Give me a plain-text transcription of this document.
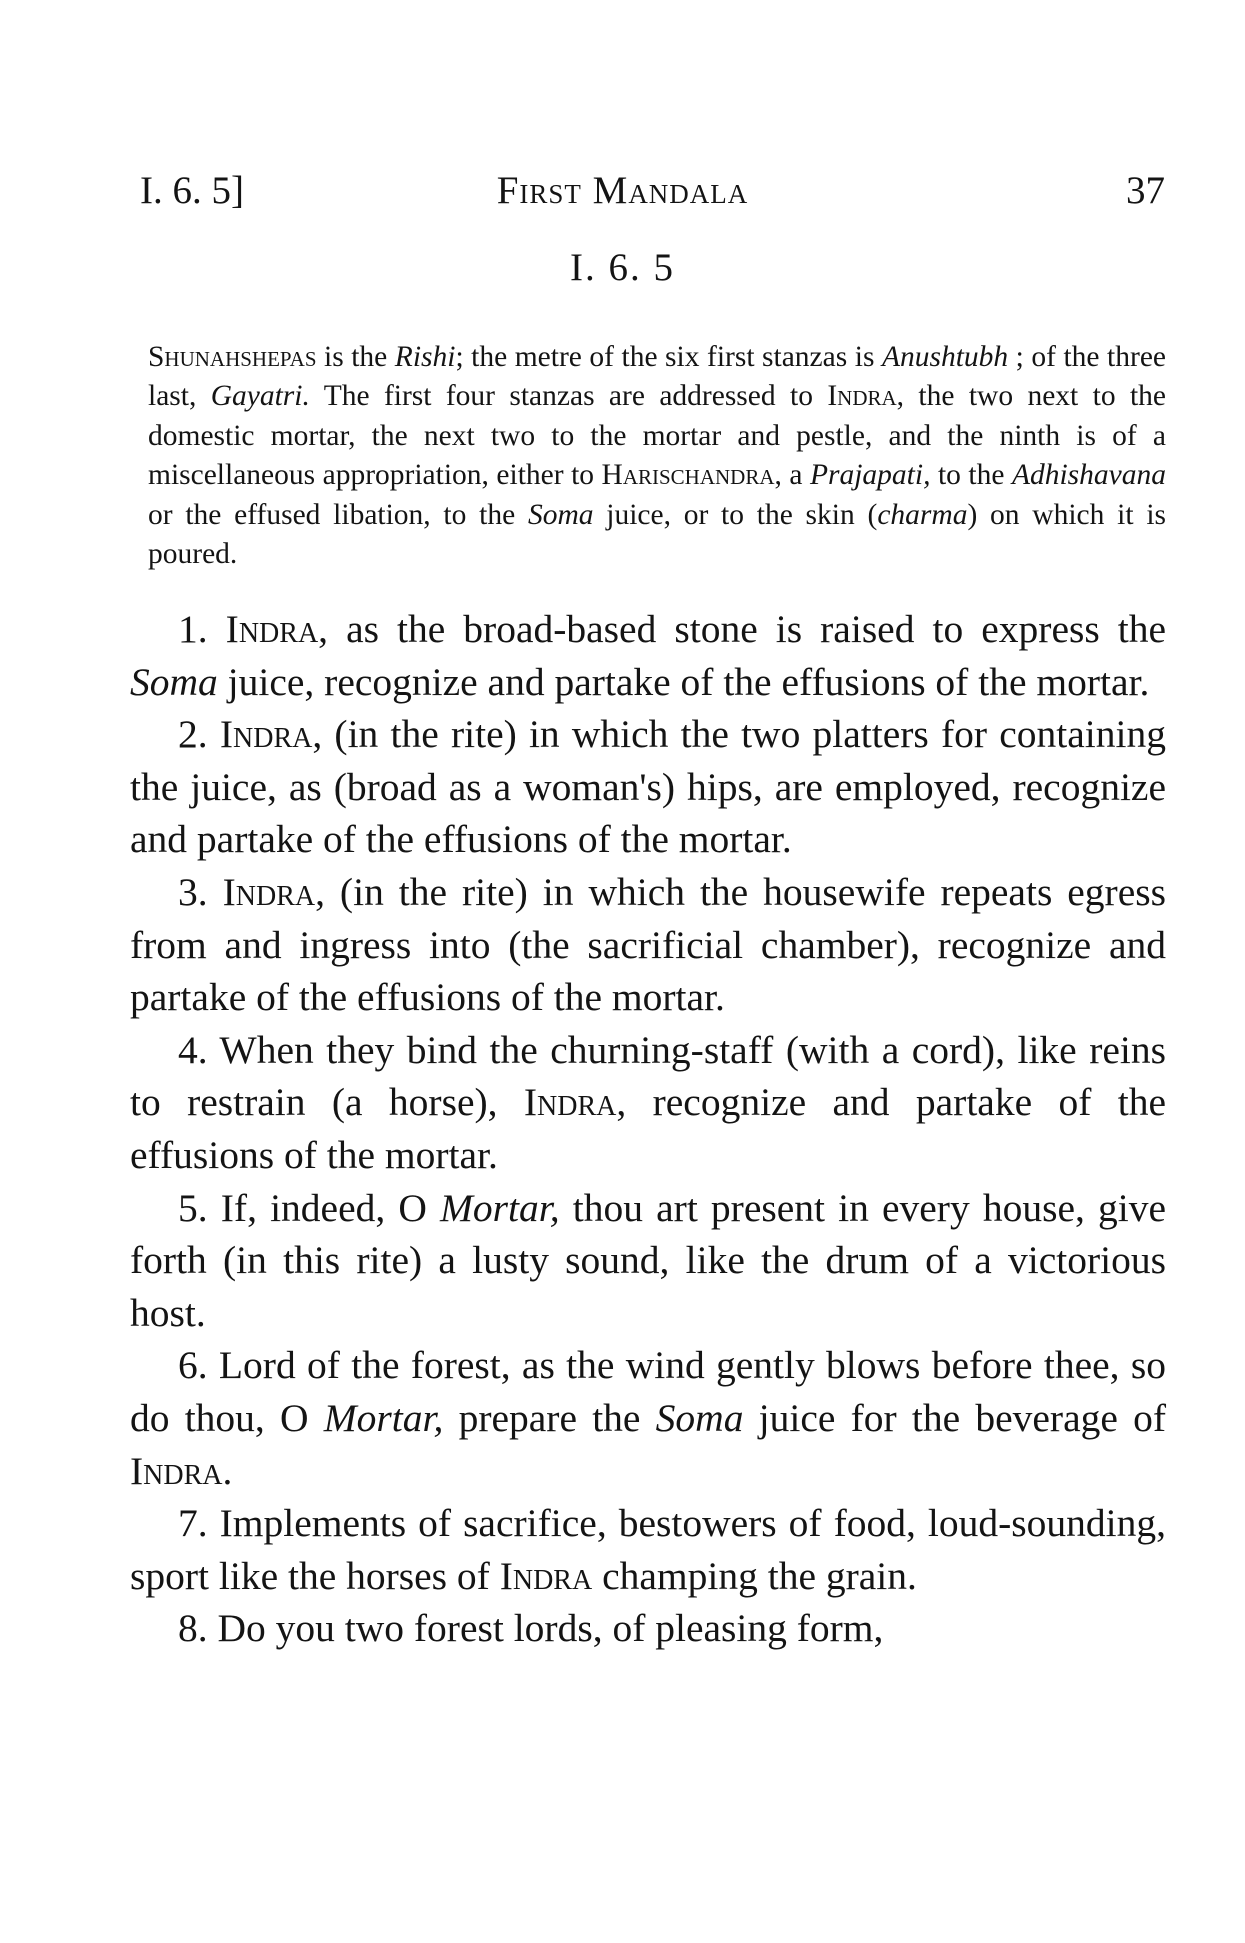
I. 6. 5]	First Mandala	37
I. 6. 5

Shunahshepas is the Rishi; the metre of the six first stanzas is Anushtubh ; of the three last, Gayatri. The first four stanzas are addressed to Indra, the two next to the domestic mortar, the next two to the mortar and pestle, and the ninth is of a miscellaneous appropriation, either to Harischandra, a Prajapati, to the Adhishavana or the effused libation, to the Soma juice, or to the skin (charma) on which it is poured.

1. Indra, as the broad-based stone is raised to express the Soma juice, recognize and partake of the effusions of the mortar.

2. Indra, (in the rite) in which the two platters for containing the juice, as (broad as a woman's) hips, are employed, recognize and partake of the effusions of the mortar.

3. Indra, (in the rite) in which the housewife repeats egress from and ingress into (the sacrificial chamber), recognize and partake of the effusions of the mortar.

4. When they bind the churning-staff (with a cord), like reins to restrain (a horse), Indra, recognize and partake of the effusions of the mortar.

5. If, indeed, O Mortar, thou art present in every house, give forth (in this rite) a lusty sound, like the drum of a victorious host.

6. Lord of the forest, as the wind gently blows before thee, so do thou, O Mortar, prepare the Soma juice for the beverage of Indra.

7. Implements of sacrifice, bestowers of food, loud-sounding, sport like the horses of Indra champing the grain.

8. Do you two forest lords, of pleasing form,
